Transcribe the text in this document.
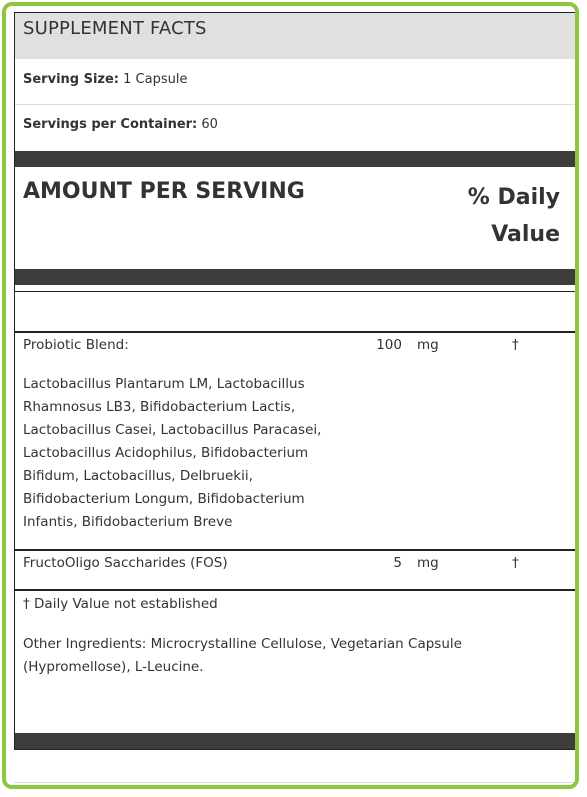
SUPPLEMENT FACTS
Serving Size: 1 Capsule
Servings per Container: 60
AMOUNT PER SERVING	% Daily
Value
Probiotic Blend:	100 mg	†
Lactobacillus Plantarum LM, Lactobacillus Rhamnosus LB3, Bifidobacterium Lactis, Lactobacillus Casei, Lactobacillus Paracasei, Lactobacillus Acidophilus, Bifidobacterium Bifidum, Lactobacillus, Delbruekii, Bifidobacterium Longum, Bifidobacterium Infantis, Bifidobacterium Breve
FructoOligo Saccharides (FOS)	5 mg	†
† Daily Value not established
Other Ingredients: Microcrystalline Cellulose, Vegetarian Capsule (Hypromellose), L-Leucine.
